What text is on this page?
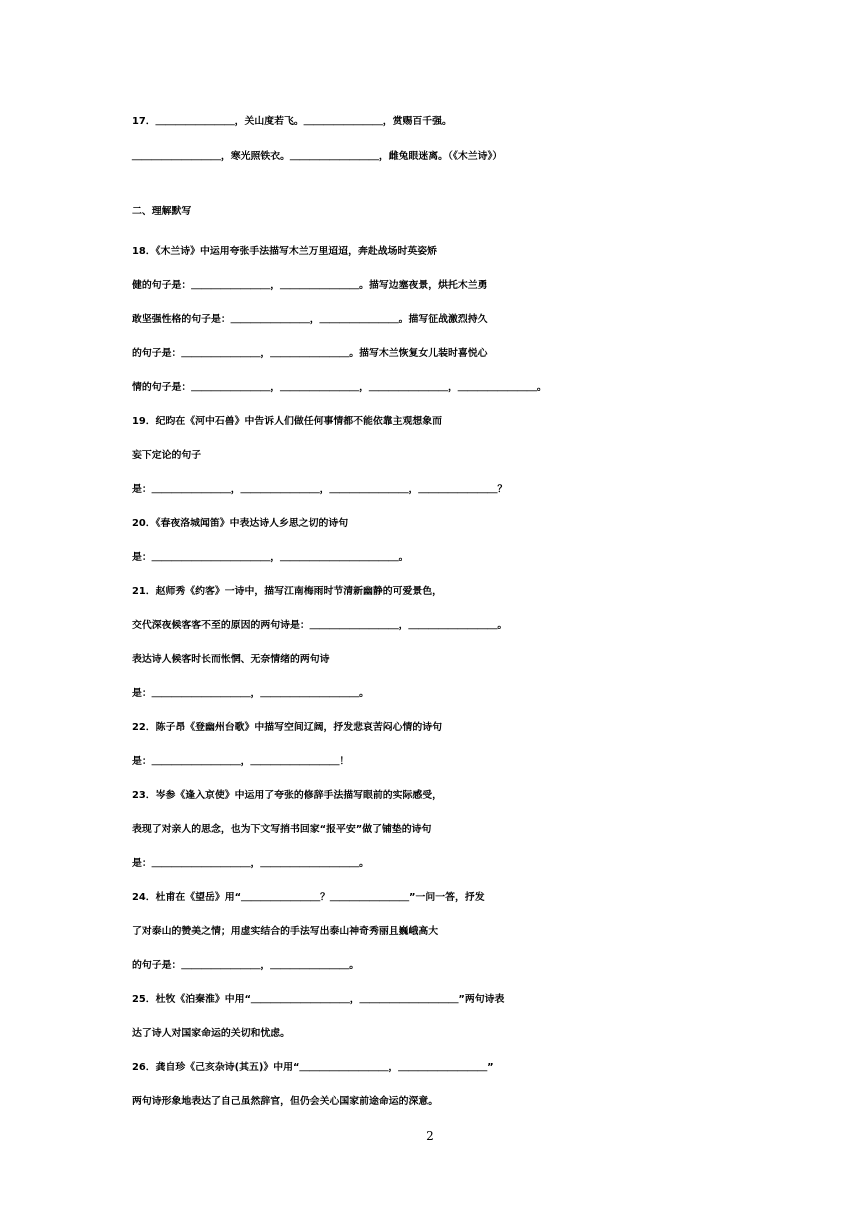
17．＿＿＿＿＿＿＿＿，关山度若飞。＿＿＿＿＿＿＿＿，赏赐百千强。
＿＿＿＿＿＿＿＿＿，寒光照铁衣。＿＿＿＿＿＿＿＿＿，雌兔眼迷离。（《木兰诗》）
二、理解默写
18．《木兰诗》中运用夸张手法描写木兰万里迢迢，奔赴战场时英姿矫
健的句子是：＿＿＿＿＿＿＿＿，＿＿＿＿＿＿＿＿。描写边塞夜景，烘托木兰勇
敢坚强性格的句子是：＿＿＿＿＿＿＿＿，＿＿＿＿＿＿＿＿。描写征战激烈持久
的句子是：＿＿＿＿＿＿＿＿，＿＿＿＿＿＿＿＿。描写木兰恢复女儿装时喜悦心
情的句子是：＿＿＿＿＿＿＿＿，＿＿＿＿＿＿＿＿，＿＿＿＿＿＿＿＿，＿＿＿＿＿＿＿＿。
19．纪昀在《河中石兽》中告诉人们做任何事情都不能依靠主观想象而
妄下定论的句子
是：＿＿＿＿＿＿＿＿，＿＿＿＿＿＿＿＿，＿＿＿＿＿＿＿＿，＿＿＿＿＿＿＿＿？
20．《春夜洛城闻笛》中表达诗人乡思之切的诗句
是：＿＿＿＿＿＿＿＿＿＿＿＿，＿＿＿＿＿＿＿＿＿＿＿＿。
21．赵师秀《约客》一诗中，描写江南梅雨时节清新幽静的可爱景色，
交代深夜候客客不至的原因的两句诗是：＿＿＿＿＿＿＿＿＿，＿＿＿＿＿＿＿＿＿。
表达诗人候客时长而怅惘、无奈情绪的两句诗
是：＿＿＿＿＿＿＿＿＿＿，＿＿＿＿＿＿＿＿＿＿。
22．陈子昂《登幽州台歌》中描写空间辽阔，抒发悲哀苦闷心情的诗句
是：＿＿＿＿＿＿＿＿＿，＿＿＿＿＿＿＿＿＿！
23．岑参《逢入京使》中运用了夸张的修辞手法描写眼前的实际感受，
表现了对亲人的思念，也为下文写捎书回家“报平安”做了铺垫的诗句
是：＿＿＿＿＿＿＿＿＿＿，＿＿＿＿＿＿＿＿＿＿。
24．杜甫在《望岳》用“＿＿＿＿＿＿＿＿？＿＿＿＿＿＿＿＿”一问一答，抒发
了对泰山的赞美之情；用虚实结合的手法写出泰山神奇秀丽且巍峨高大
的句子是：＿＿＿＿＿＿＿＿，＿＿＿＿＿＿＿＿。
25．杜牧《泊秦淮》中用“＿＿＿＿＿＿＿＿＿＿，＿＿＿＿＿＿＿＿＿＿”两句诗表
达了诗人对国家命运的关切和忧虑。
26．龚自珍《己亥杂诗(其五)》中用“＿＿＿＿＿＿＿＿＿，＿＿＿＿＿＿＿＿＿”
两句诗形象地表达了自己虽然辞官，但仍会关心国家前途命运的深意。
2
